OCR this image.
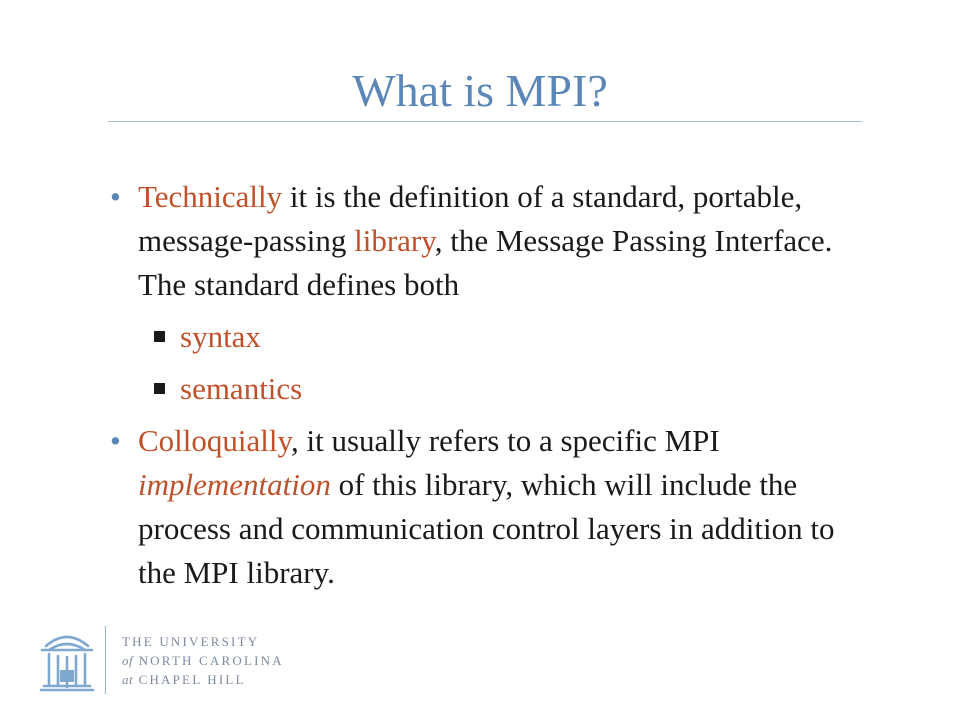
What is MPI?
• Technically it is the definition of a standard, portable, message-passing library, the Message Passing Interface. The standard defines both
syntax
semantics
• Colloquially, it usually refers to a specific MPI implementation of this library, which will include the process and communication control layers in addition to the MPI library.
THE UNIVERSITY
of NORTH CAROLINA
at CHAPEL HILL
